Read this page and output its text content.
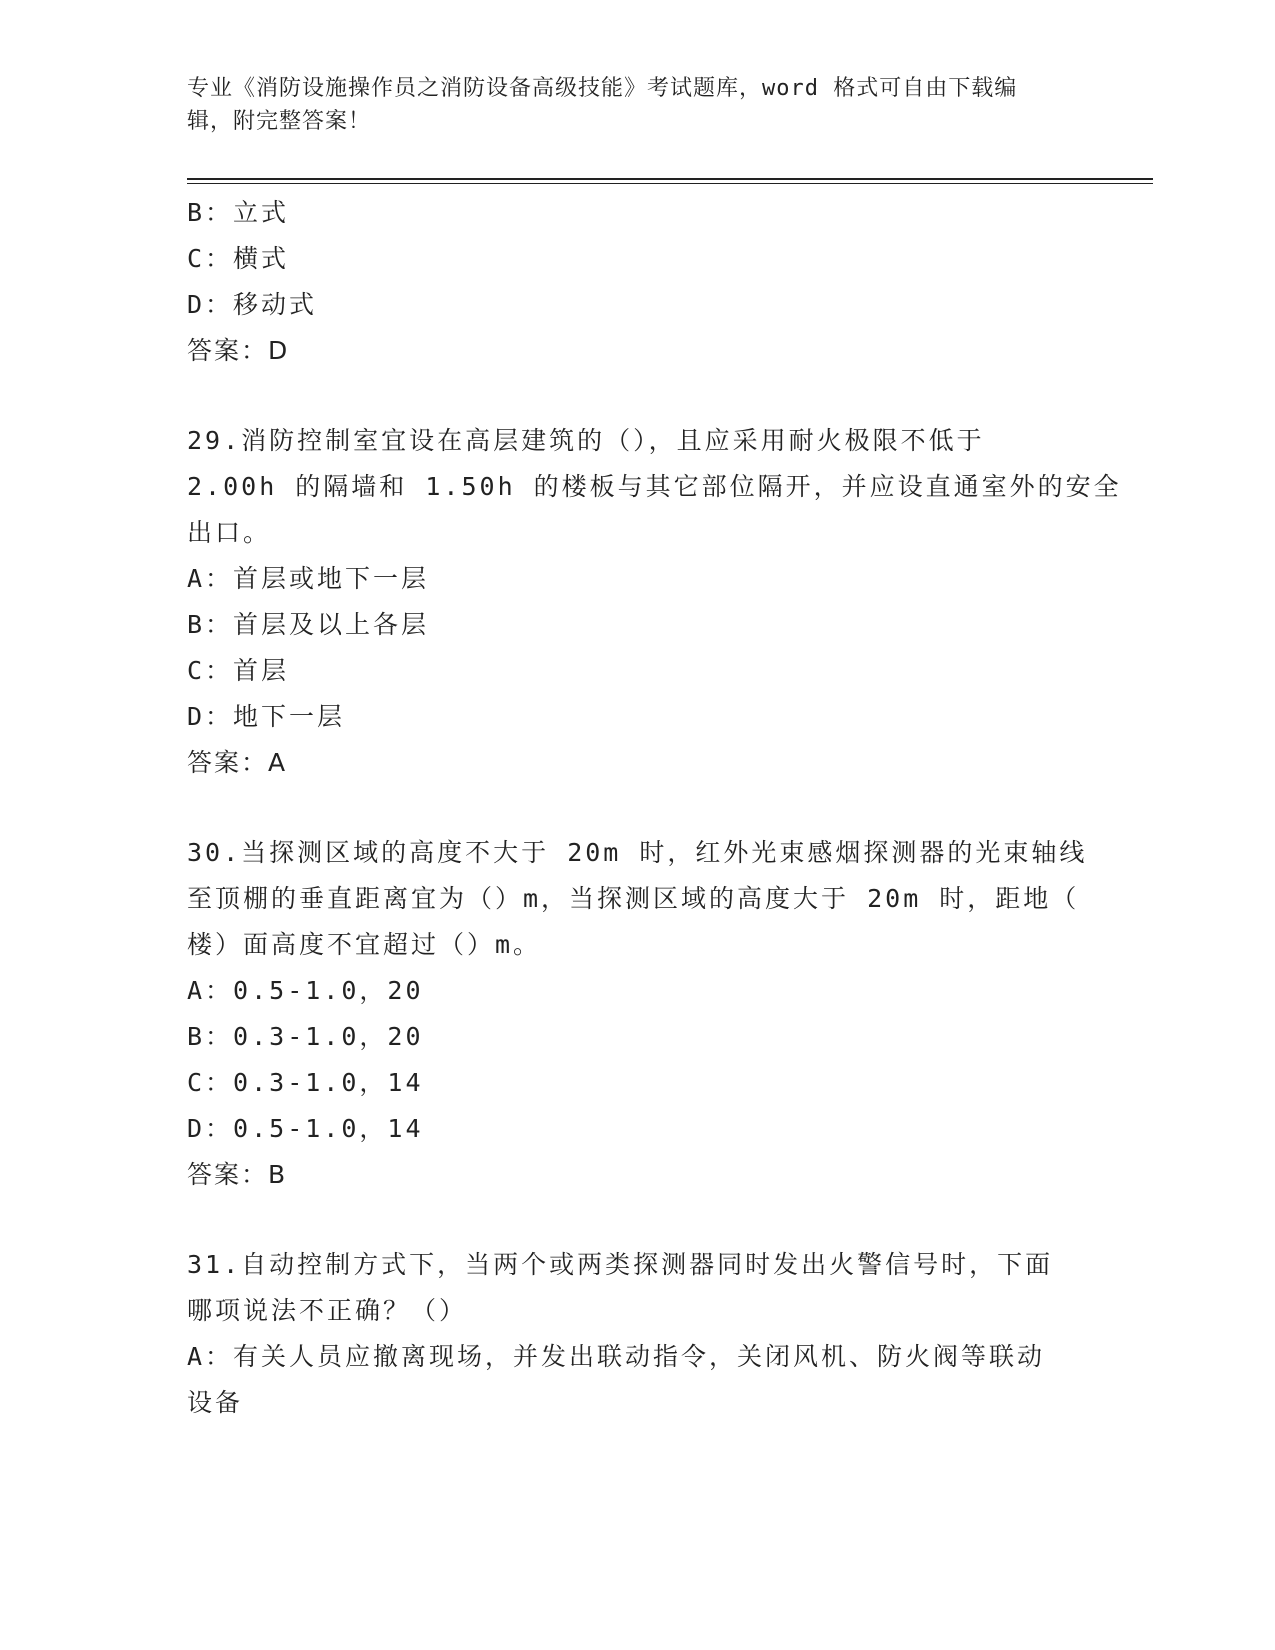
专业《消防设施操作员之消防设备高级技能》考试题库，word 格式可自由下载编
辑，附完整答案！
B：立式
C：横式
D：移动式
答案：D
29.消防控制室宜设在高层建筑的（），且应采用耐火极限不低于
2.00h 的隔墙和 1.50h 的楼板与其它部位隔开，并应设直通室外的安全
出口。
A：首层或地下一层
B：首层及以上各层
C：首层
D：地下一层
答案：A
30.当探测区域的高度不大于 20m 时，红外光束感烟探测器的光束轴线
至顶棚的垂直距离宜为（）m，当探测区域的高度大于 20m 时，距地（
楼）面高度不宜超过（）m。
A：0.5-1.0，20
B：0.3-1.0，20
C：0.3-1.0，14
D：0.5-1.0，14
答案：B
31.自动控制方式下，当两个或两类探测器同时发出火警信号时，下面
哪项说法不正确？（）
A：有关人员应撤离现场，并发出联动指令，关闭风机、防火阀等联动
设备
